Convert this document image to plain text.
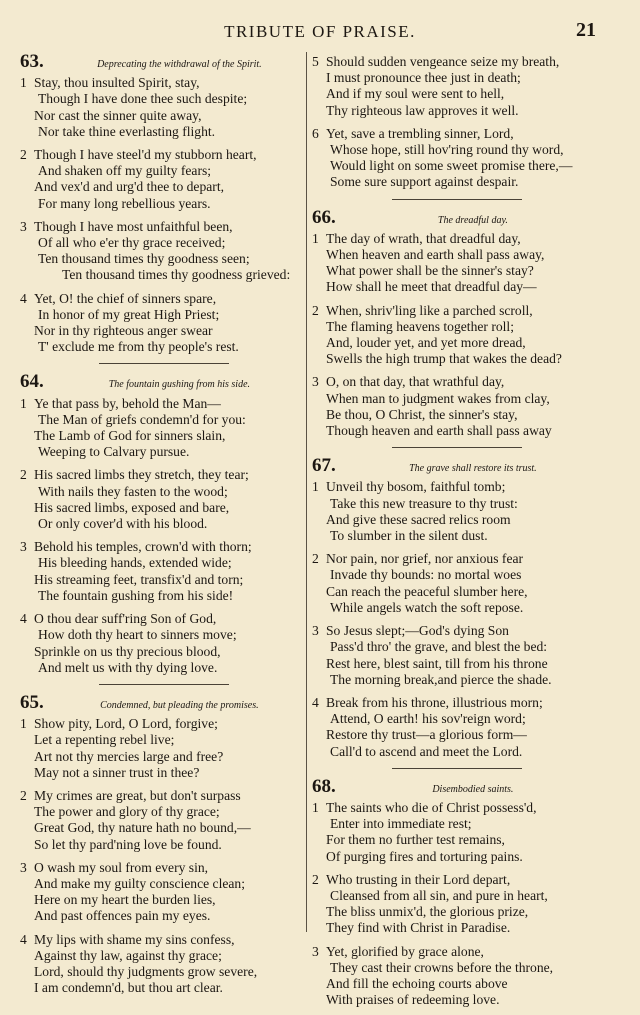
TRIBUTE OF PRAISE.	21
63.	Deprecating the withdrawal of the Spirit.
1 Stay, thou insulted Spirit, stay,
Though I have done thee such despite;
Nor cast the sinner quite away,
Nor take thine everlasting flight.
2 Though I have steel'd my stubborn heart,
And shaken off my guilty fears;
And vex'd and urg'd thee to depart,
For many long rebellious years.
3 Though I have most unfaithful been,
Of all who e'er thy grace received;
Ten thousand times thy goodness seen;
Ten thousand times thy goodness grieved:
4 Yet, O! the chief of sinners spare,
In honor of my great High Priest;
Nor in thy righteous anger swear
T' exclude me from thy people's rest.
64.	The fountain gushing from his side.
1 Ye that pass by, behold the Man—
The Man of griefs condemn'd for you:
The Lamb of God for sinners slain,
Weeping to Calvary pursue.
2 His sacred limbs they stretch, they tear;
With nails they fasten to the wood;
His sacred limbs, exposed and bare,
Or only cover'd with his blood.
3 Behold his temples, crown'd with thorn;
His bleeding hands, extended wide;
His streaming feet, transfix'd and torn;
The fountain gushing from his side!
4 O thou dear suff'ring Son of God,
How doth thy heart to sinners move;
Sprinkle on us thy precious blood,
And melt us with thy dying love.
65.	Condemned, but pleading the promises.
1 Show pity, Lord, O Lord, forgive;
Let a repenting rebel live;
Art not thy mercies large and free?
May not a sinner trust in thee?
2 My crimes are great, but don't surpass
The power and glory of thy grace;
Great God, thy nature hath no bound,—
So let thy pard'ning love be found.
3 O wash my soul from every sin,
And make my guilty conscience clean;
Here on my heart the burden lies,
And past offences pain my eyes.
4 My lips with shame my sins confess,
Against thy law, against thy grace;
Lord, should thy judgments grow severe,
I am condemn'd, but thou art clear.
5 Should sudden vengeance seize my breath,
I must pronounce thee just in death;
And if my soul were sent to hell,
Thy righteous law approves it well.
6 Yet, save a trembling sinner, Lord,
Whose hope, still hov'ring round thy word,
Would light on some sweet promise there,—
Some sure support against despair.
66.	The dreadful day.
1 The day of wrath, that dreadful day,
When heaven and earth shall pass away,
What power shall be the sinner's stay?
How shall he meet that dreadful day—
2 When, shriv'ling like a parched scroll,
The flaming heavens together roll;
And, louder yet, and yet more dread,
Swells the high trump that wakes the dead?
3 O, on that day, that wrathful day,
When man to judgment wakes from clay,
Be thou, O Christ, the sinner's stay,
Though heaven and earth shall pass away
67.	The grave shall restore its trust.
1 Unveil thy bosom, faithful tomb;
Take this new treasure to thy trust:
And give these sacred relics room
To slumber in the silent dust.
2 Nor pain, nor grief, nor anxious fear
Invade thy bounds: no mortal woes
Can reach the peaceful slumber here,
While angels watch the soft repose.
3 So Jesus slept;—God's dying Son
Pass'd thro' the grave, and blest the bed:
Rest here, blest saint, till from his throne
The morning break,and pierce the shade.
4 Break from his throne, illustrious morn;
Attend, O earth! his sov'reign word;
Restore thy trust—a glorious form—
Call'd to ascend and meet the Lord.
68.	Disembodied saints.
1 The saints who die of Christ possess'd,
Enter into immediate rest;
For them no further test remains,
Of purging fires and torturing pains.
2 Who trusting in their Lord depart,
Cleansed from all sin, and pure in heart,
The bliss unmix'd, the glorious prize,
They find with Christ in Paradise.
3 Yet, glorified by grace alone,
They cast their crowns before the throne,
And fill the echoing courts above
With praises of redeeming love.
